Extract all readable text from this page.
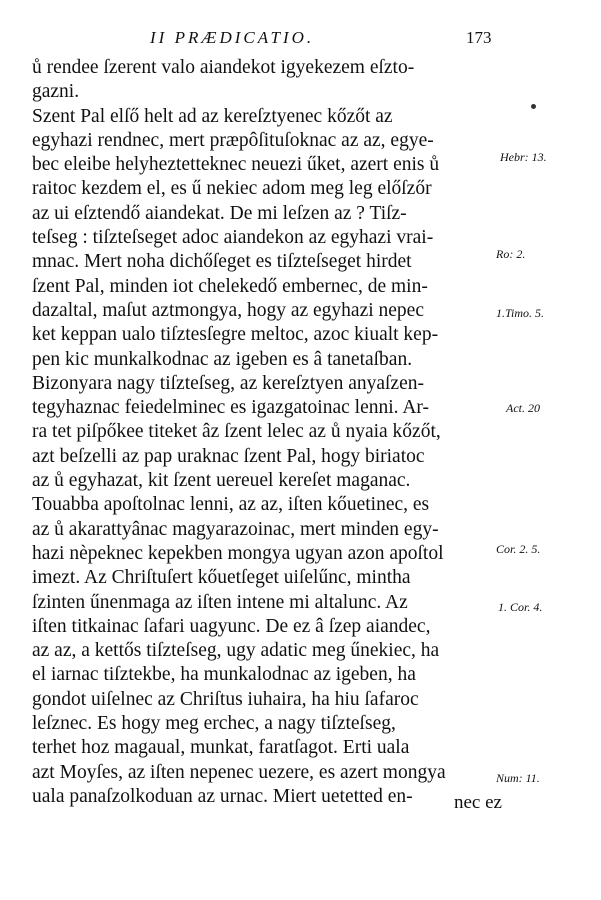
II PRÆDICATIO.	173
ů rendee ſzerent valo aiandekot igyekezem eſzto-
gazni.
Szent Pal elſő helt ad az kereſztyenec kőzőt az
egyhazi rendnec, mert præpôſituſoknac az az, egye-
bec eleibe helyheztetteknec neuezi űket, azert enis ů
raitoc kezdem el, es ű nekiec adom meg leg előſzőr
az ui eſztendő aiandekat. De mi leſzen az ? Tiſz-
teſseg : tiſzteſseget adoc aiandekon az egyhazi vrai-
mnac. Mert noha dichőſeget es tiſzteſseget hirdet
ſzent Pal, minden iot chelekedő embernec, de min-
dazaltal, maſut aztmongya, hogy az egyhazi nepec
ket keppan ualo tiſztesſegre meltoc, azoc kiualt kep-
pen kic munkalkodnac az igeben es â tanetaſban.
Bizonyara nagy tiſzteſseg, az kereſztyen anyaſzen-
tegyhaznac feiedelminec es igazgatoinac lenni. Ar-
ra tet piſpőkee titeket âz ſzent lelec az ů nyaia kőzőt,
azt beſzelli az pap uraknac ſzent Pal, hogy biriatoc
az ů egyhazat, kit ſzent uereuel kereſet maganac.
Touabba apoſtolnac lenni, az az, iſten kőuetinec, es
az ů akarattyânac magyarazoinac, mert minden egy-
hazi nèpeknec kepekben mongya ugyan azon apoſtol
imezt. Az Chriſtuſert kőuetſeget uiſelűnc, mintha
ſzinten űnenmaga az iſten intene mi altalunc. Az
iſten titkainac ſafari uagyunc. De ez â ſzep aiandec,
az az, a kettős tiſzteſseg, ugy adatic meg űnekiec, ha
el iarnac tiſztekbe, ha munkalodnac az igeben, ha
gondot uiſelnec az Chriſtus iuhaira, ha hiu ſafaroc
leſznec. Es hogy meg erchec, a nagy tiſzteſseg,
terhet hoz magaual, munkat, faratſagot. Erti uala
azt Moyſes, az iſten nepenec uezere, es azert mongya
uala panaſzolkoduan az urnac. Miert uetetted en-
Hebr: 13.
Ro: 2.
1.Timo. 5.
Act. 20
Cor. 2. 5.
1. Cor. 4.
Num: 11.
nec ez
